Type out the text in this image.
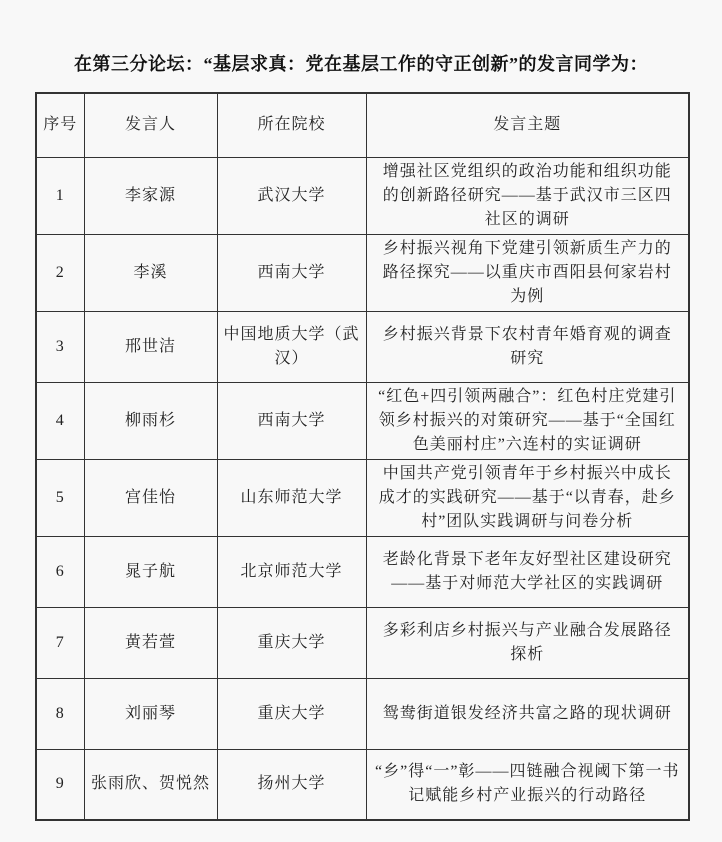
在第三分论坛：“基层求真：党在基层工作的守正创新”的发言同学为：
序号	发言人	所在院校	发言主题
1	李家源	武汉大学	增强社区党组织的政治功能和组织功能的创新路径研究——基于武汉市三区四社区的调研
2	李溪	西南大学	乡村振兴视角下党建引领新质生产力的路径探究——以重庆市酉阳县何家岩村为例
3	邢世洁	中国地质大学（武汉）	乡村振兴背景下农村青年婚育观的调查研究
4	柳雨杉	西南大学	“红色+四引领两融合”：红色村庄党建引领乡村振兴的对策研究——基于“全国红色美丽村庄”六连村的实证调研
5	宫佳怡	山东师范大学	中国共产党引领青年于乡村振兴中成长成才的实践研究——基于“以青春，赴乡村”团队实践调研与问卷分析
6	晁子航	北京师范大学	老龄化背景下老年友好型社区建设研究——基于对师范大学社区的实践调研
7	黄若萱	重庆大学	多彩利店乡村振兴与产业融合发展路径探析
8	刘丽琴	重庆大学	鸳鸯街道银发经济共富之路的现状调研
9	张雨欣、贺悦然	扬州大学	“乡”得“一”彰——四链融合视阈下第一书记赋能乡村产业振兴的行动路径
